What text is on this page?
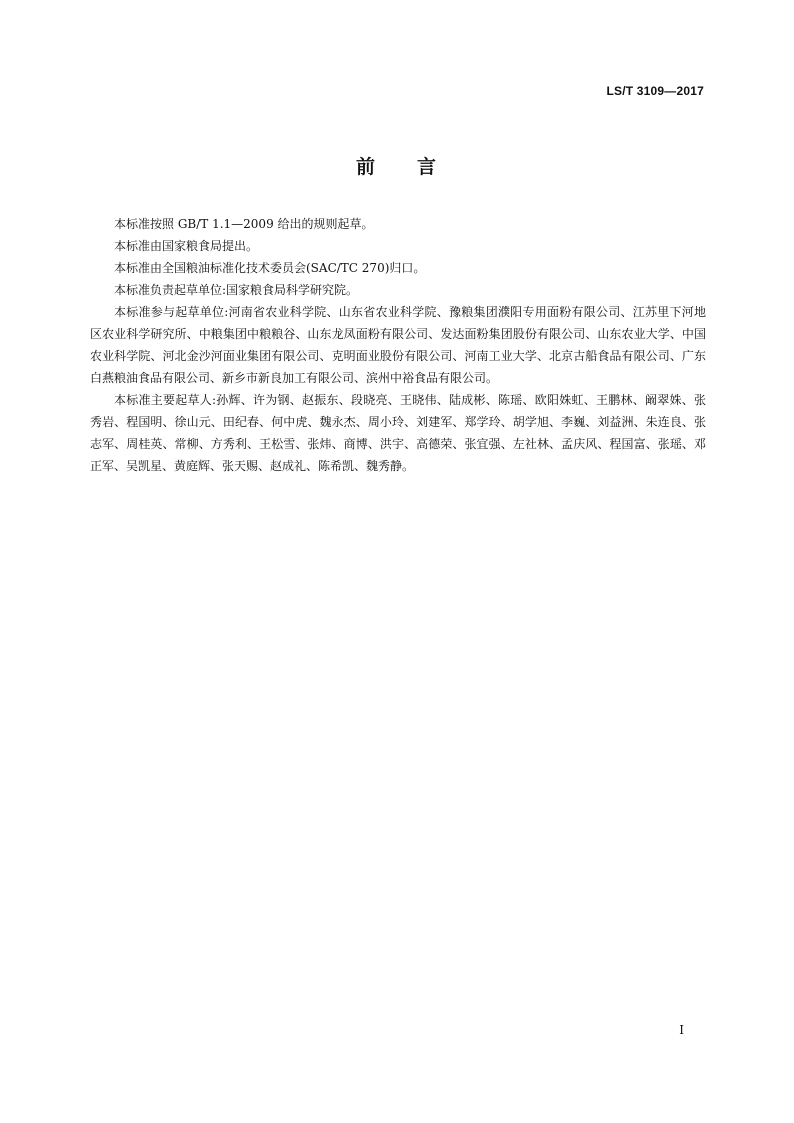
LS/T 3109—2017
前 言

本标准按照 GB/T 1.1—2009 给出的规则起草。

本标准由国家粮食局提出。

本标准由全国粮油标准化技术委员会(SAC/TC 270)归口。

本标准负责起草单位:国家粮食局科学研究院。

本标准参与起草单位:河南省农业科学院、山东省农业科学院、豫粮集团濮阳专用面粉有限公司、江苏里下河地区农业科学研究所、中粮集团中粮粮谷、山东龙凤面粉有限公司、发达面粉集团股份有限公司、山东农业大学、中国农业科学院、河北金沙河面业集团有限公司、克明面业股份有限公司、河南工业大学、北京古船食品有限公司、广东白燕粮油食品有限公司、新乡市新良加工有限公司、滨州中裕食品有限公司。

本标准主要起草人:孙辉、许为钢、赵振东、段晓亮、王晓伟、陆成彬、陈瑶、欧阳姝虹、王鹏林、阚翠姝、张秀岩、程国明、徐山元、田纪春、何中虎、魏永杰、周小玲、刘建军、郑学玲、胡学旭、李巍、刘益洲、朱连良、张志军、周桂英、常柳、方秀利、王松雪、张炜、商博、洪宇、高德荣、张宜强、左社林、孟庆风、程国富、张瑶、邓正军、吴凯星、黄庭辉、张天赐、赵成礼、陈希凯、魏秀静。

I
